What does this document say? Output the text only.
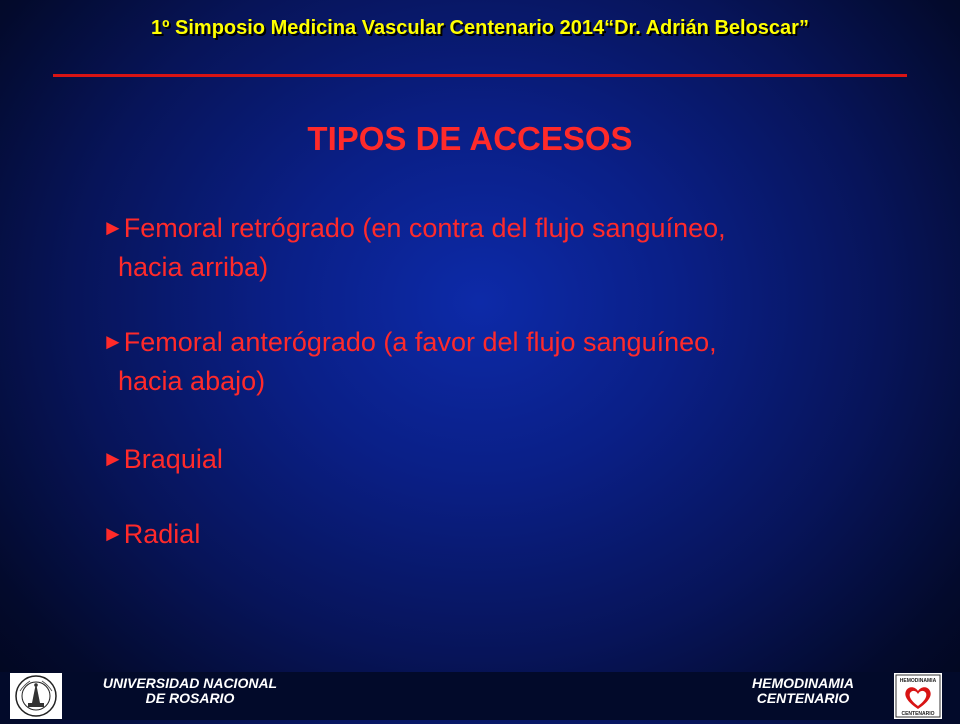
1º Simposio Medicina Vascular Centenario 2014“Dr. Adrián Beloscar”
TIPOS DE ACCESOS
►Femoral retrógrado (en contra del flujo sanguíneo,
hacia arriba)
►Femoral anterógrado (a favor del flujo sanguíneo,
hacia abajo)
►Braquial
►Radial
UNIVERSIDAD NACIONAL
DE ROSARIO
HEMODINAMIA
CENTENARIO
HEMODINAMIA
CENTENARIO
